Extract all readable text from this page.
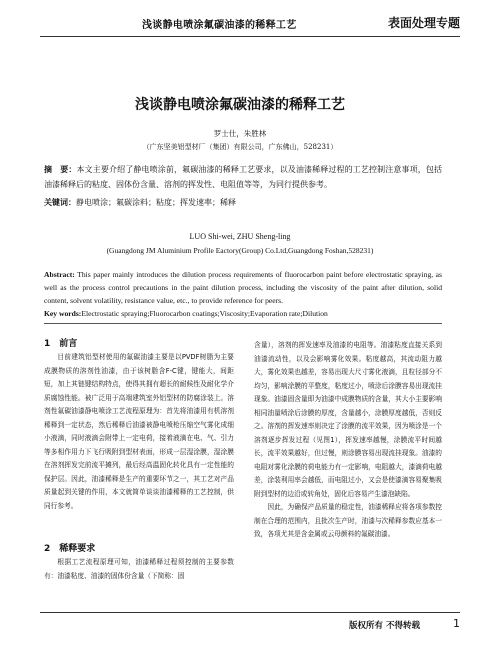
浅谈静电喷涂氟碳油漆的稀释工艺	表面处理专题
浅谈静电喷涂氟碳油漆的稀释工艺
罗士仕，朱胜林
（广东坚美铝型材厂（集团）有限公司，广东佛山，528231）
摘　要：本文主要介绍了静电喷涂前，氟碳油漆的稀释工艺要求，以及油漆稀释过程的工艺控制注意事项，包括油漆稀释后的粘度、固体份含量、溶剂的挥发性、电阻值等等，为同行提供参考。
关键词：静电喷涂；氟碳涂料；粘度；挥发速率；稀释
LUO Shi-wei, ZHU Sheng-ling
(Guangdong JM Aluminium Profile Eactory(Group) Co.Ltd,Guangdong Foshan,528231)
Abstract: This paper mainly introduces the dilution process requirements of fluorocarbon paint before electrostatic spraying, as well as the process control precautions in the paint dilution process, including the viscosity of the paint after dilution, solid content, solvent volatility, resistance value, etc., to provide reference for peers.
Key words:Electrostatic spraying;Fluorocarbon coatings;Viscosity;Evaporation rate;Dilution
1　前言

目前建筑铝型材使用的氟碳油漆主要是以PVDF树脂为主要成膜物质的溶剂性油漆，由于该树脂含F-C键，键能大，间距短，加上其链键结构特点，使得其拥有超长的耐候性及耐化学介质腐蚀性能。被广泛用于高端建筑室外铝型材的防腐涂装上。溶剂性氟碳油漆静电喷涂工艺流程原理为：首先将油漆用有机溶剂稀释到一定状态，然后稀释后油漆被静电喷枪压缩空气雾化成细小液滴，同时液滴会附带上一定电荷，接着液滴在电、气、引力等多相作用力下飞行吸附到型材表面，形成一层湿涂膜，湿涂膜在溶剂挥发完前流平摊列，最后经高温固化转化具有一定性能的保护层。因此，油漆稀释是生产的重要环节之一，其工艺对产品质量起到关键的作用，本文就简单谈谈油漆稀释的工艺控制，供同行参考。

2　稀释要求

根据工艺流程原理可知，油漆稀释过程须控制的主要参数有：油漆粘度、油漆的固体份含量（下简称：固

含量），溶剂的挥发速率及油漆的电阻等。油漆粘度直接关系到油漆流动性，以及会影响雾化效果。粘度越高，其流动阻力越大，雾化效果也越差，容易出现大尺寸雾化液滴，且粒径部分不均匀，影响涂膜的平整度，粘度过小，喷涂后涂膜容易出现流挂现象。油漆固含量即为油漆中成膜物质的含量，其大小主要影响相同油量喷涂后涂膜的厚度，含量越小，涂膜厚度越低，否则反之。溶剂的挥发速率则决定了涂膜的流平效果，因为喷涂是一个溶剂逐步挥发过程（见图1），挥发速率越慢，涂膜流平时间越长，流平效果越好，但过慢，则涂膜容易出现流挂现象。油漆的电阻对雾化涂膜的荷电能力有一定影响，电阻越大，漆滴荷电越差，涂装利用率会越低，而电阻过小，又会是使漆滴容易聚集吸附到型材的边沿或转角处，固化后容易产生漆泡缺陷。

因此，为确保产品质量的稳定性，油漆稀释应将各项参数控制在合理的范围内，且批次生产时，油漆与次稀释参数应基本一致，各项尤其是含金属或云母颜料的氟碳油漆。

版权所有 不得转载	1
